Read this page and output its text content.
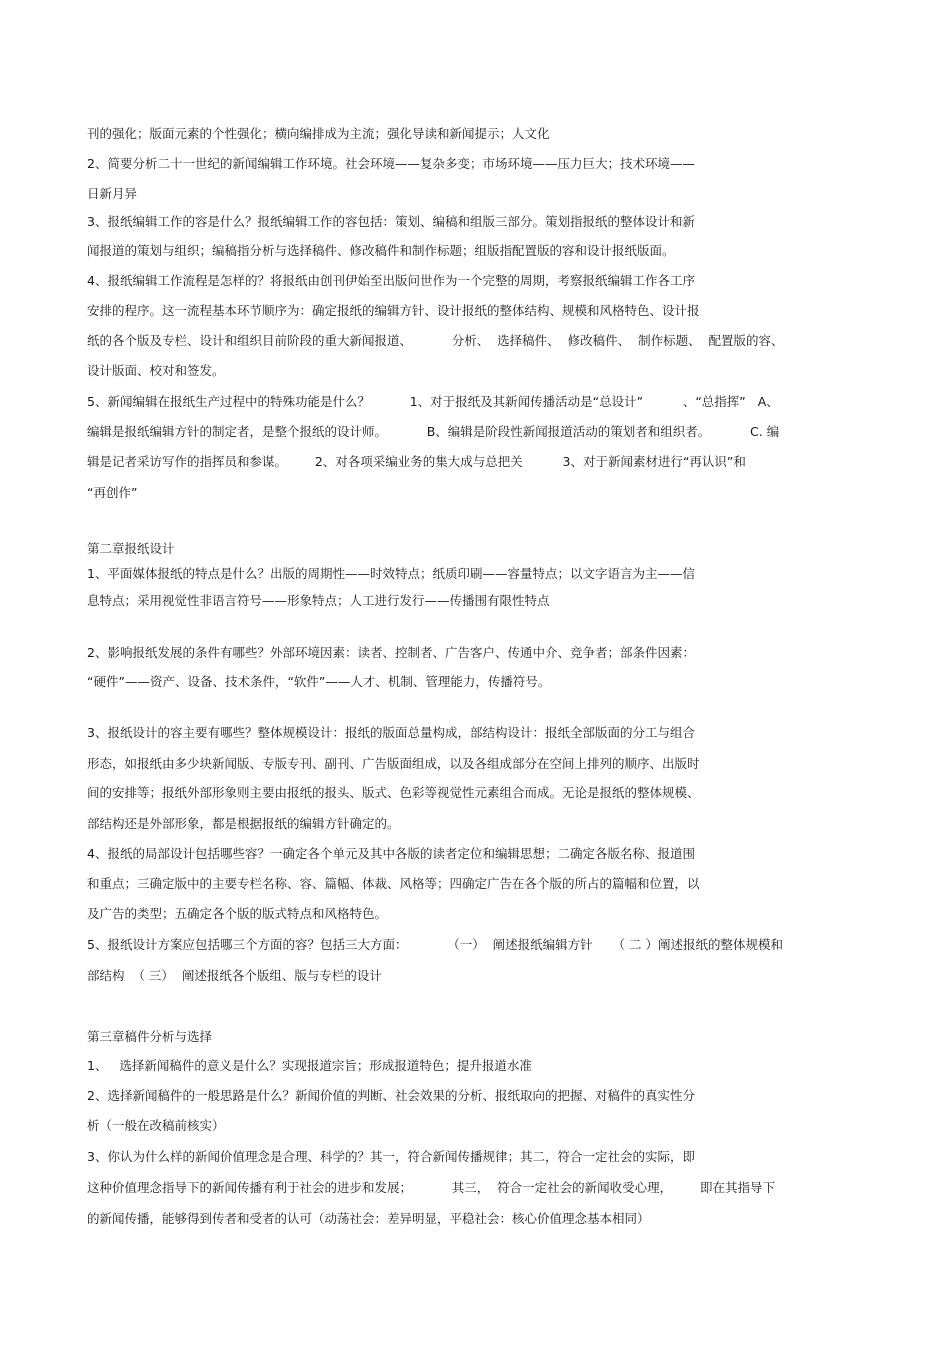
刊的强化；版面元素的个性强化；横向编排成为主流；强化导读和新闻提示；人文化
2、简要分析二十一世纪的新闻编辑工作环境。社会环境——复杂多变；市场环境——压力巨大；技术环境——
日新月异
3、报纸编辑工作的容是什么？报纸编辑工作的容包括：策划、编稿和组版三部分。策划指报纸的整体设计和新
闻报道的策划与组织；编稿指分析与选择稿件、修改稿件和制作标题；组版指配置版的容和设计报纸版面。
4、报纸编辑工作流程是怎样的？将报纸由创刊伊始至出版问世作为一个完整的周期，考察报纸编辑工作各工序
安排的程序。这一流程基本环节顺序为：确定报纸的编辑方针、设计报纸的整体结构、规模和风格特色、设计报
纸的各个版及专栏、设计和组织目前阶段的重大新闻报道、          分析、  选择稿件、  修改稿件、  制作标题、  配置版的容、
设计版面、校对和签发。
5、新闻编辑在报纸生产过程中的特殊功能是什么？          1、对于报纸及其新闻传播活动是“总设计”          、“总指挥”   A、
编辑是报纸编辑方针的制定者，是整个报纸的设计师。          B、编辑是阶段性新闻报道活动的策划者和组织者。          C. 编
辑是记者采访写作的指挥员和参谋。       2、对各项采编业务的集大成与总把关          3、对于新闻素材进行“再认识”和
“再创作”
第二章报纸设计
1、平面媒体报纸的特点是什么？出版的周期性——时效特点；纸质印刷——容量特点；以文字语言为主——信
息特点；采用视觉性非语言符号——形象特点；人工进行发行——传播围有限性特点
2、影响报纸发展的条件有哪些？外部环境因素：读者、控制者、广告客户、传通中介、竞争者；部条件因素：
“硬件”——资产、设备、技术条件，“软件”——人才、机制、管理能力，传播符号。
3、报纸设计的容主要有哪些？整体规模设计：报纸的版面总量构成，部结构设计：报纸全部版面的分工与组合
形态，如报纸由多少块新闻版、专版专刊、副刊、广告版面组成，以及各组成部分在空间上排列的顺序、出版时
间的安排等；报纸外部形象则主要由报纸的报头、版式、色彩等视觉性元素组合而成。无论是报纸的整体规模、
部结构还是外部形象，都是根据报纸的编辑方针确定的。
4、报纸的局部设计包括哪些容？一确定各个单元及其中各版的读者定位和编辑思想；二确定各版名称、报道围
和重点；三确定版中的主要专栏名称、容、篇幅、体裁、风格等；四确定广告在各个版的所占的篇幅和位置，以
及广告的类型；五确定各个版的版式特点和风格特色。
5、报纸设计方案应包括哪三个方面的容？包括三大方面：          （一）  阐述报纸编辑方针     （ 二 ）阐述报纸的整体规模和
部结构  （ 三）  阐述报纸各个版组、版与专栏的设计
第三章稿件分析与选择
1、   选择新闻稿件的意义是什么？实现报道宗旨；形成报道特色；提升报道水准
2、选择新闻稿件的一般思路是什么？新闻价值的判断、社会效果的分析、报纸取向的把握、对稿件的真实性分
析（一般在改稿前核实）
3、你认为什么样的新闻价值理念是合理、科学的？其一，符合新闻传播规律；其二，符合一定社会的实际，即
这种价值理念指导下的新闻传播有利于社会的进步和发展；          其三，  符合一定社会的新闻收受心理，       即在其指导下
的新闻传播，能够得到传者和受者的认可（动荡社会：差异明显，平稳社会：核心价值理念基本相同）
